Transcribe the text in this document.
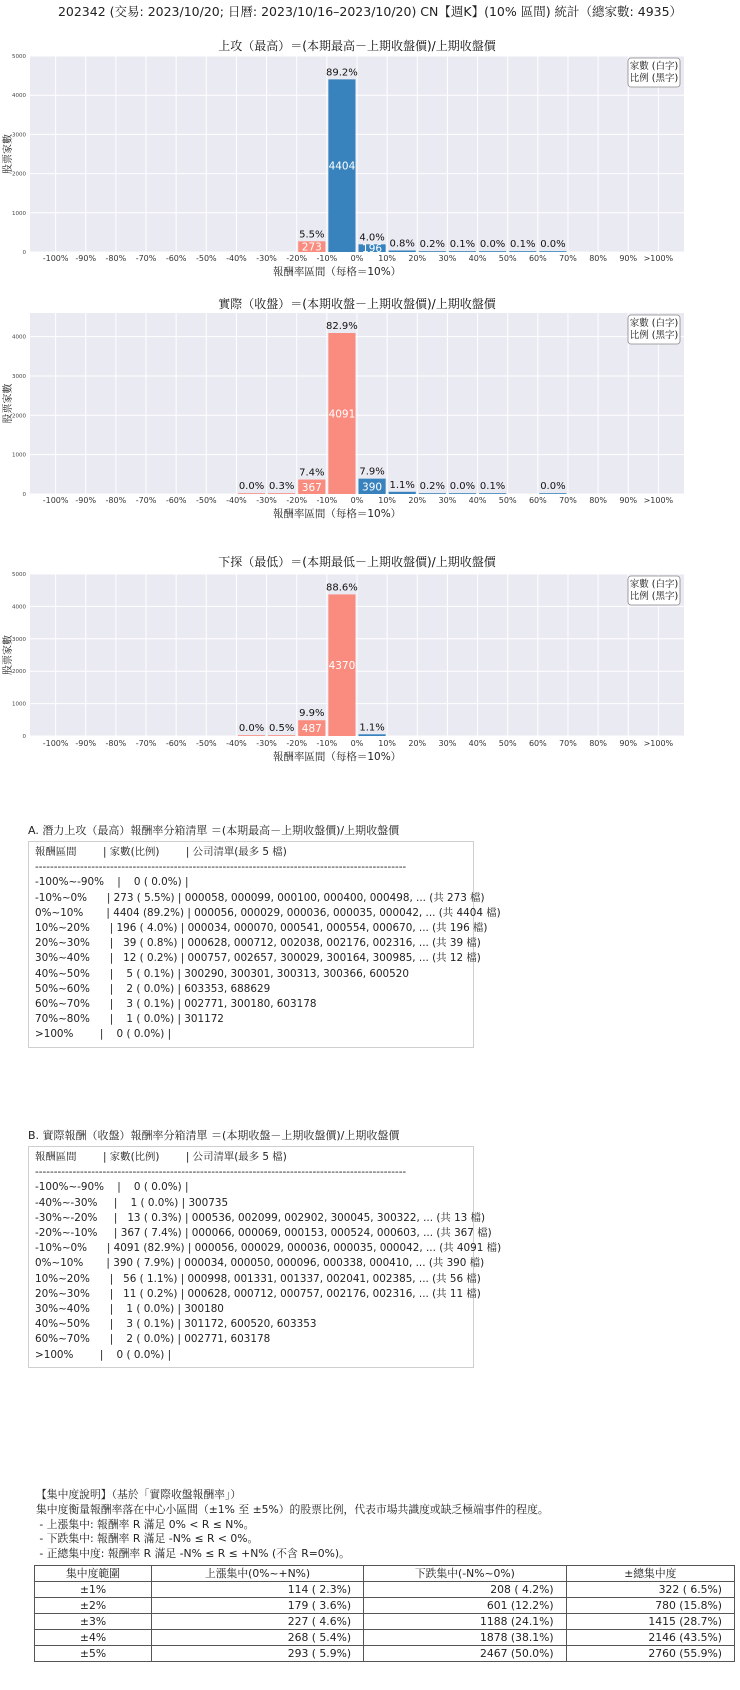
202342 (交易: 2023/10/20; 日曆: 2023/10/16–2023/10/20) CN【週K】(10% 區間) 統計（總家數: 4935）
-100% -90% -80% -70% -60% -50% -40% -30% -20% -10% 0% 10% 20% 30% 40% 50% 60% 70% 80% 90% >100%
0
1000
2000
3000
4000
5000
273
5.5%
4404
89.2%
196
4.0%
0.8% 0.2% 0.1% 0.0% 0.1% 0.0%
上攻（最高）＝(本期最高－上期收盤價)/上期收盤價
報酬率區間（每格＝10%）
股票家數
家數 (白字)
比例 (黑字)
-100% -90% -80% -70% -60% -50% -40% -30% -20% -10% 0% 10% 20% 30% 40% 50% 60% 70% 80% 90% >100%
0
1000
2000
3000
4000
0.0% 0.3% 367
7.4%
4091
82.9%
390
7.9%
1.1% 0.2% 0.0% 0.1%	0.0%
實際（收盤）＝(本期收盤－上期收盤價)/上期收盤價
報酬率區間（每格＝10%）
股票家數
家數 (白字)
比例 (黑字)
-100% -90% -80% -70% -60% -50% -40% -30% -20% -10% 0% 10% 20% 30% 40% 50% 60% 70% 80% 90% >100%
0
1000
2000
3000
4000
5000
0.0% 0.5% 487
9.9%
4370
88.6%
1.1%
下探（最低）＝(本期最低－上期收盤價)/上期收盤價
報酬率區間（每格＝10%）
股票家數
家數 (白字)
比例 (黑字)
A. 潛力上攻（最高）報酬率分箱清單 ＝(本期最高－上期收盤價)/上期收盤價
報酬區間        | 家數(比例)        | 公司清單(最多 5 檔)
---------------------------------------------------------------------------------------------------
-100%~-90%    |    0 ( 0.0%) |
-10%~0%      | 273 ( 5.5%) | 000058, 000099, 000100, 000400, 000498, ... (共 273 檔)
0%~10%       | 4404 (89.2%) | 000056, 000029, 000036, 000035, 000042, ... (共 4404 檔)
10%~20%      | 196 ( 4.0%) | 000034, 000070, 000541, 000554, 000670, ... (共 196 檔)
20%~30%      |   39 ( 0.8%) | 000628, 000712, 002038, 002176, 002316, ... (共 39 檔)
30%~40%      |   12 ( 0.2%) | 000757, 002657, 300029, 300164, 300985, ... (共 12 檔)
40%~50%      |    5 ( 0.1%) | 300290, 300301, 300313, 300366, 600520
50%~60%      |    2 ( 0.0%) | 603353, 688629
60%~70%      |    3 ( 0.1%) | 002771, 300180, 603178
70%~80%      |    1 ( 0.0%) | 301172
>100%        |    0 ( 0.0%) |
B. 實際報酬（收盤）報酬率分箱清單 ＝(本期收盤－上期收盤價)/上期收盤價
報酬區間        | 家數(比例)        | 公司清單(最多 5 檔)
---------------------------------------------------------------------------------------------------
-100%~-90%    |    0 ( 0.0%) |
-40%~-30%     |    1 ( 0.0%) | 300735
-30%~-20%     |   13 ( 0.3%) | 000536, 002099, 002902, 300045, 300322, ... (共 13 檔)
-20%~-10%     | 367 ( 7.4%) | 000066, 000069, 000153, 000524, 000603, ... (共 367 檔)
-10%~0%      | 4091 (82.9%) | 000056, 000029, 000036, 000035, 000042, ... (共 4091 檔)
0%~10%       | 390 ( 7.9%) | 000034, 000050, 000096, 000338, 000410, ... (共 390 檔)
10%~20%      |   56 ( 1.1%) | 000998, 001331, 001337, 002041, 002385, ... (共 56 檔)
20%~30%      |   11 ( 0.2%) | 000628, 000712, 000757, 002176, 002316, ... (共 11 檔)
30%~40%      |    1 ( 0.0%) | 300180
40%~50%      |    3 ( 0.1%) | 301172, 600520, 603353
60%~70%      |    2 ( 0.0%) | 002771, 603178
>100%        |    0 ( 0.0%) |
【集中度說明】（基於「實際收盤報酬率」）
集中度衡量報酬率落在中心小區間（±1% 至 ±5%）的股票比例，代表市場共識度或缺乏極端事件的程度。
- 上漲集中: 報酬率 R 滿足 0% < R ≤ N%。
- 下跌集中: 報酬率 R 滿足 -N% ≤ R < 0%。
- 正總集中度: 報酬率 R 滿足 -N% ≤ R ≤ +N% (不含 R=0%)。
集中度範圍	上漲集中(0%~+N%)	下跌集中(-N%~0%)	±總集中度
±1%	114 ( 2.3%)	208 ( 4.2%)	322 ( 6.5%)
±2%	179 ( 3.6%)	601 (12.2%)	780 (15.8%)
±3%	227 ( 4.6%)	1188 (24.1%)	1415 (28.7%)
±4%	268 ( 5.4%)	1878 (38.1%)	2146 (43.5%)
±5%	293 ( 5.9%)	2467 (50.0%)	2760 (55.9%)
